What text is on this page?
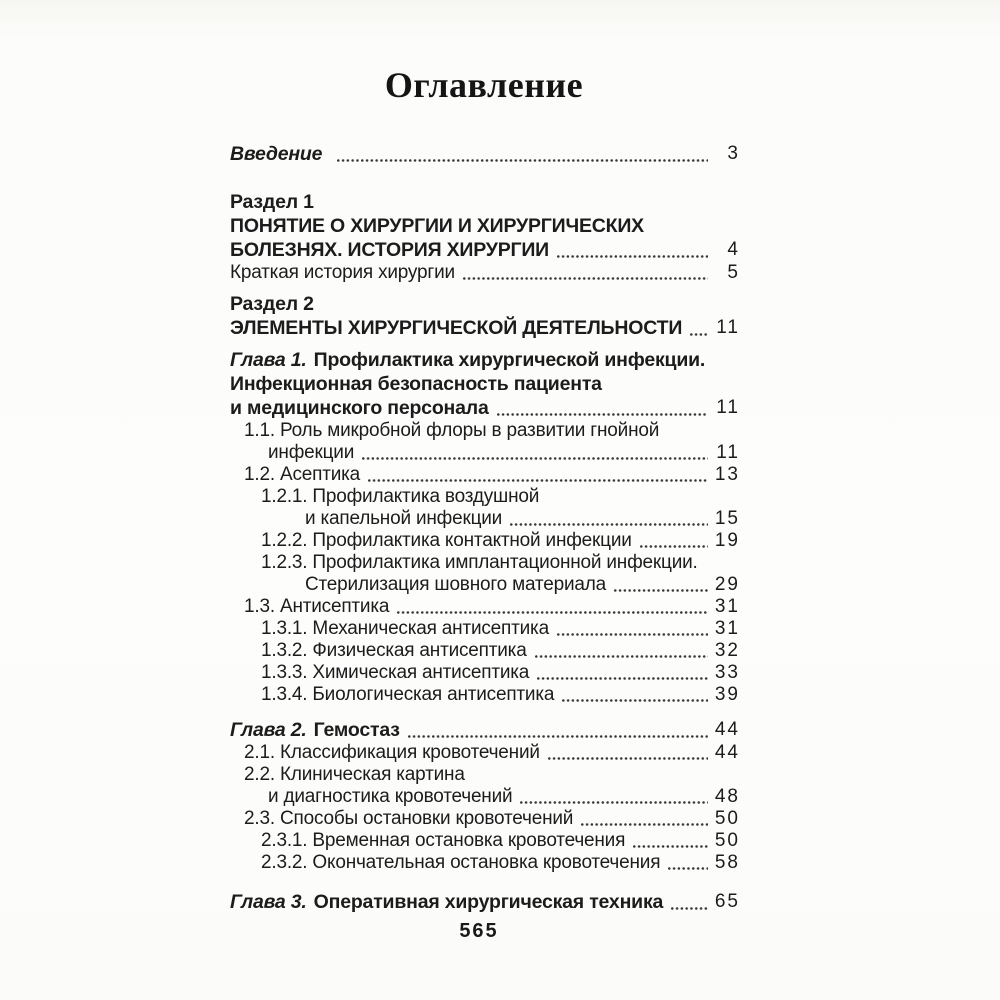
Оглавление
Введение	3
Раздел 1
ПОНЯТИЕ О ХИРУРГИИ И ХИРУРГИЧЕСКИХ
БОЛЕЗНЯХ. ИСТОРИЯ ХИРУРГИИ	4
Краткая история хирургии	5
Раздел 2
ЭЛЕМЕНТЫ ХИРУРГИЧЕСКОЙ ДЕЯТЕЛЬНОСТИ 11
Глава 1. Профилактика хирургической инфекции.
Инфекционная безопасность пациента
и медицинского персонала	11
1.1. Роль микробной флоры в развитии гнойной
инфекции	11
1.2. Асептика	13
1.2.1. Профилактика воздушной
и капельной инфекции	15
1.2.2. Профилактика контактной инфекции	19
1.2.3. Профилактика имплантационной инфекции.
Стерилизация шовного материала	29
1.3. Антисептика	31
1.3.1. Механическая антисептика	31
1.3.2. Физическая антисептика	32
1.3.3. Химическая антисептика	33
1.3.4. Биологическая антисептика	39
Глава 2. Гемостаз	44
2.1. Классификация кровотечений	44
2.2. Клиническая картина
и диагностика кровотечений	48
2.3. Способы остановки кровотечений	50
2.3.1. Временная остановка кровотечения	50
2.3.2. Окончательная остановка кровотечения	58
Глава 3. Оперативная хирургическая техника	65
565
